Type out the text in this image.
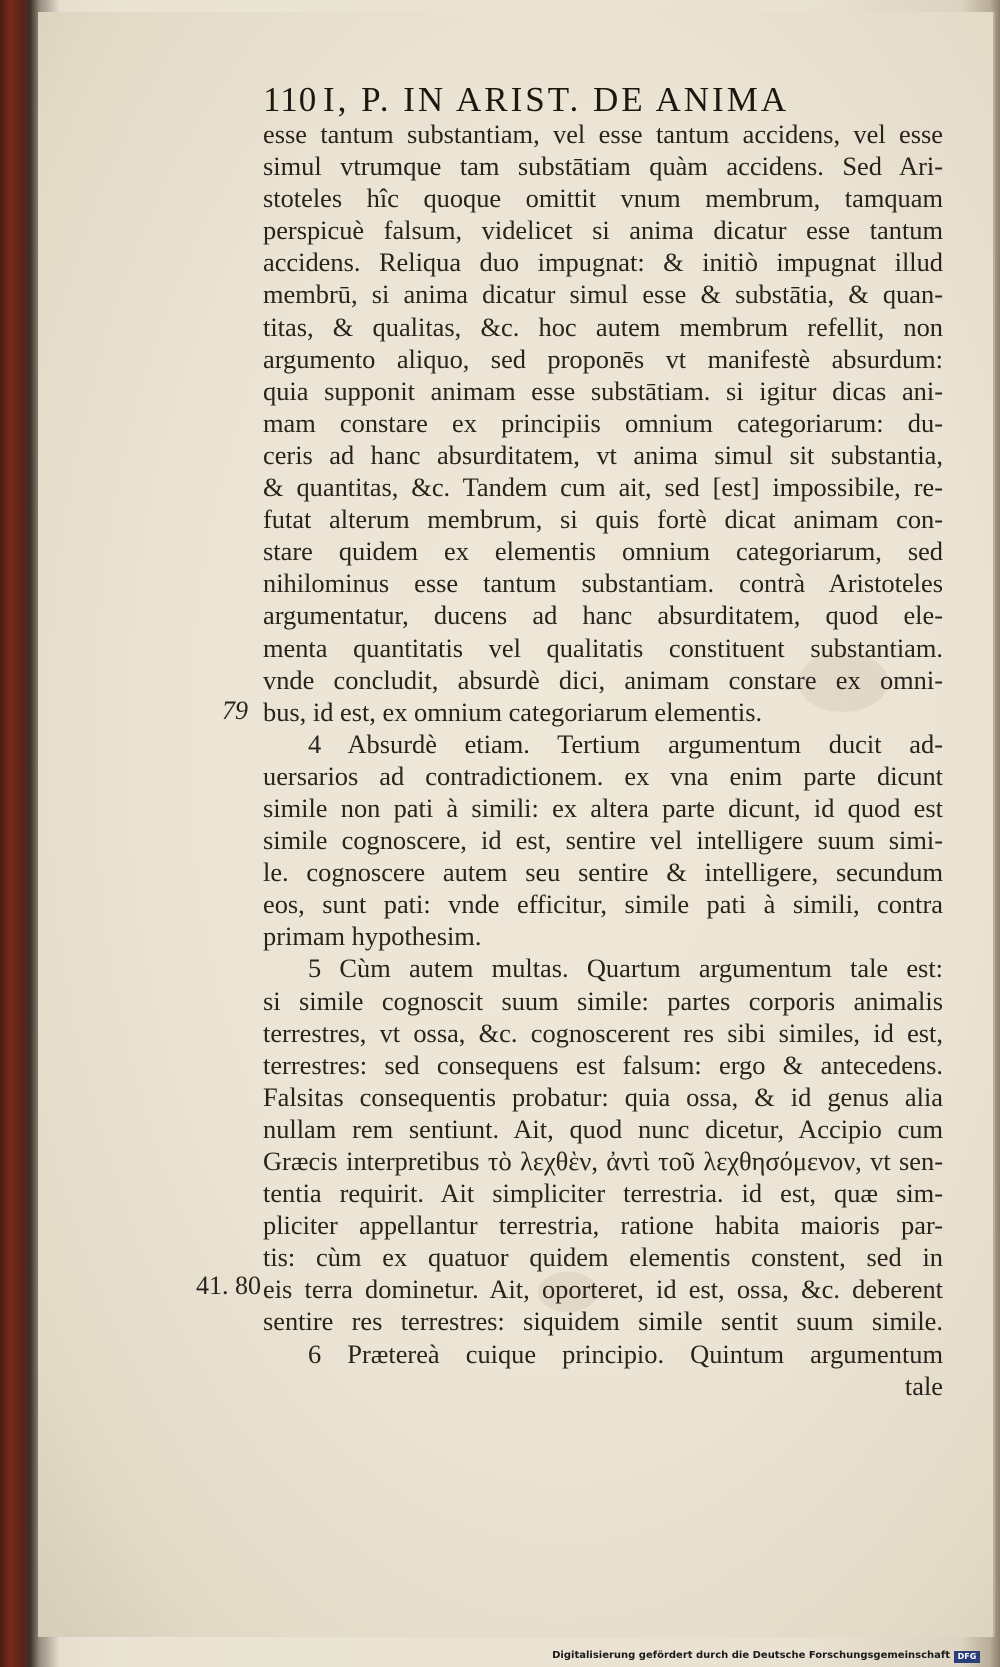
110 I, P. IN ARIST. DE ANIMA
79
41. 80
esse tantum substantiam, vel esse tantum accidens, vel esse
simul vtrumque tam substātiam quàm accidens. Sed Ari-
stoteles hîc quoque omittit vnum membrum, tamquam
perspicuè falsum, videlicet si anima dicatur esse tantum
accidens. Reliqua duo impugnat: & initiò impugnat illud
membrū, si anima dicatur simul esse & substātia, & quan-
titas, & qualitas, &c. hoc autem membrum refellit, non
argumento aliquo, sed proponēs vt manifestè absurdum:
quia supponit animam esse substātiam. si igitur dicas ani-
mam constare ex principiis omnium categoriarum: du-
ceris ad hanc absurditatem, vt anima simul sit substantia,
& quantitas, &c. Tandem cum ait, sed [est] impossibile, re-
futat alterum membrum, si quis fortè dicat animam con-
stare quidem ex elementis omnium categoriarum, sed
nihilominus esse tantum substantiam. contrà Aristoteles
argumentatur, ducens ad hanc absurditatem, quod ele-
menta quantitatis vel qualitatis constituent substantiam.
vnde concludit, absurdè dici, animam constare ex omni-
bus, id est, ex omnium categoriarum elementis.
4 Absurdè etiam. Tertium argumentum ducit ad-
uersarios ad contradictionem. ex vna enim parte dicunt
simile non pati à simili: ex altera parte dicunt, id quod est
simile cognoscere, id est, sentire vel intelligere suum simi-
le. cognoscere autem seu sentire & intelligere, secundum
eos, sunt pati: vnde efficitur, simile pati à simili, contra
primam hypothesim.
5 Cùm autem multas. Quartum argumentum tale est:
si simile cognoscit suum simile: partes corporis animalis
terrestres, vt ossa, &c. cognoscerent res sibi similes, id est,
terrestres: sed consequens est falsum: ergo & antecedens.
Falsitas consequentis probatur: quia ossa, & id genus alia
nullam rem sentiunt. Ait, quod nunc dicetur, Accipio cum
Græcis interpretibus τὸ λεχθὲν, ἀντὶ τοῦ λεχθησόμενον, vt sen-
tentia requirit. Ait simpliciter terrestria. id est, quæ sim-
pliciter appellantur terrestria, ratione habita maioris par-
tis: cùm ex quatuor quidem elementis constent, sed in
eis terra dominetur. Ait, oporteret, id est, ossa, &c. deberent
sentire res terrestres: siquidem simile sentit suum simile.
6 Prætereà cuique principio. Quintum argumentum
tale
Digitalisierung gefördert durch die Deutsche Forschungsgemeinschaft DFG
